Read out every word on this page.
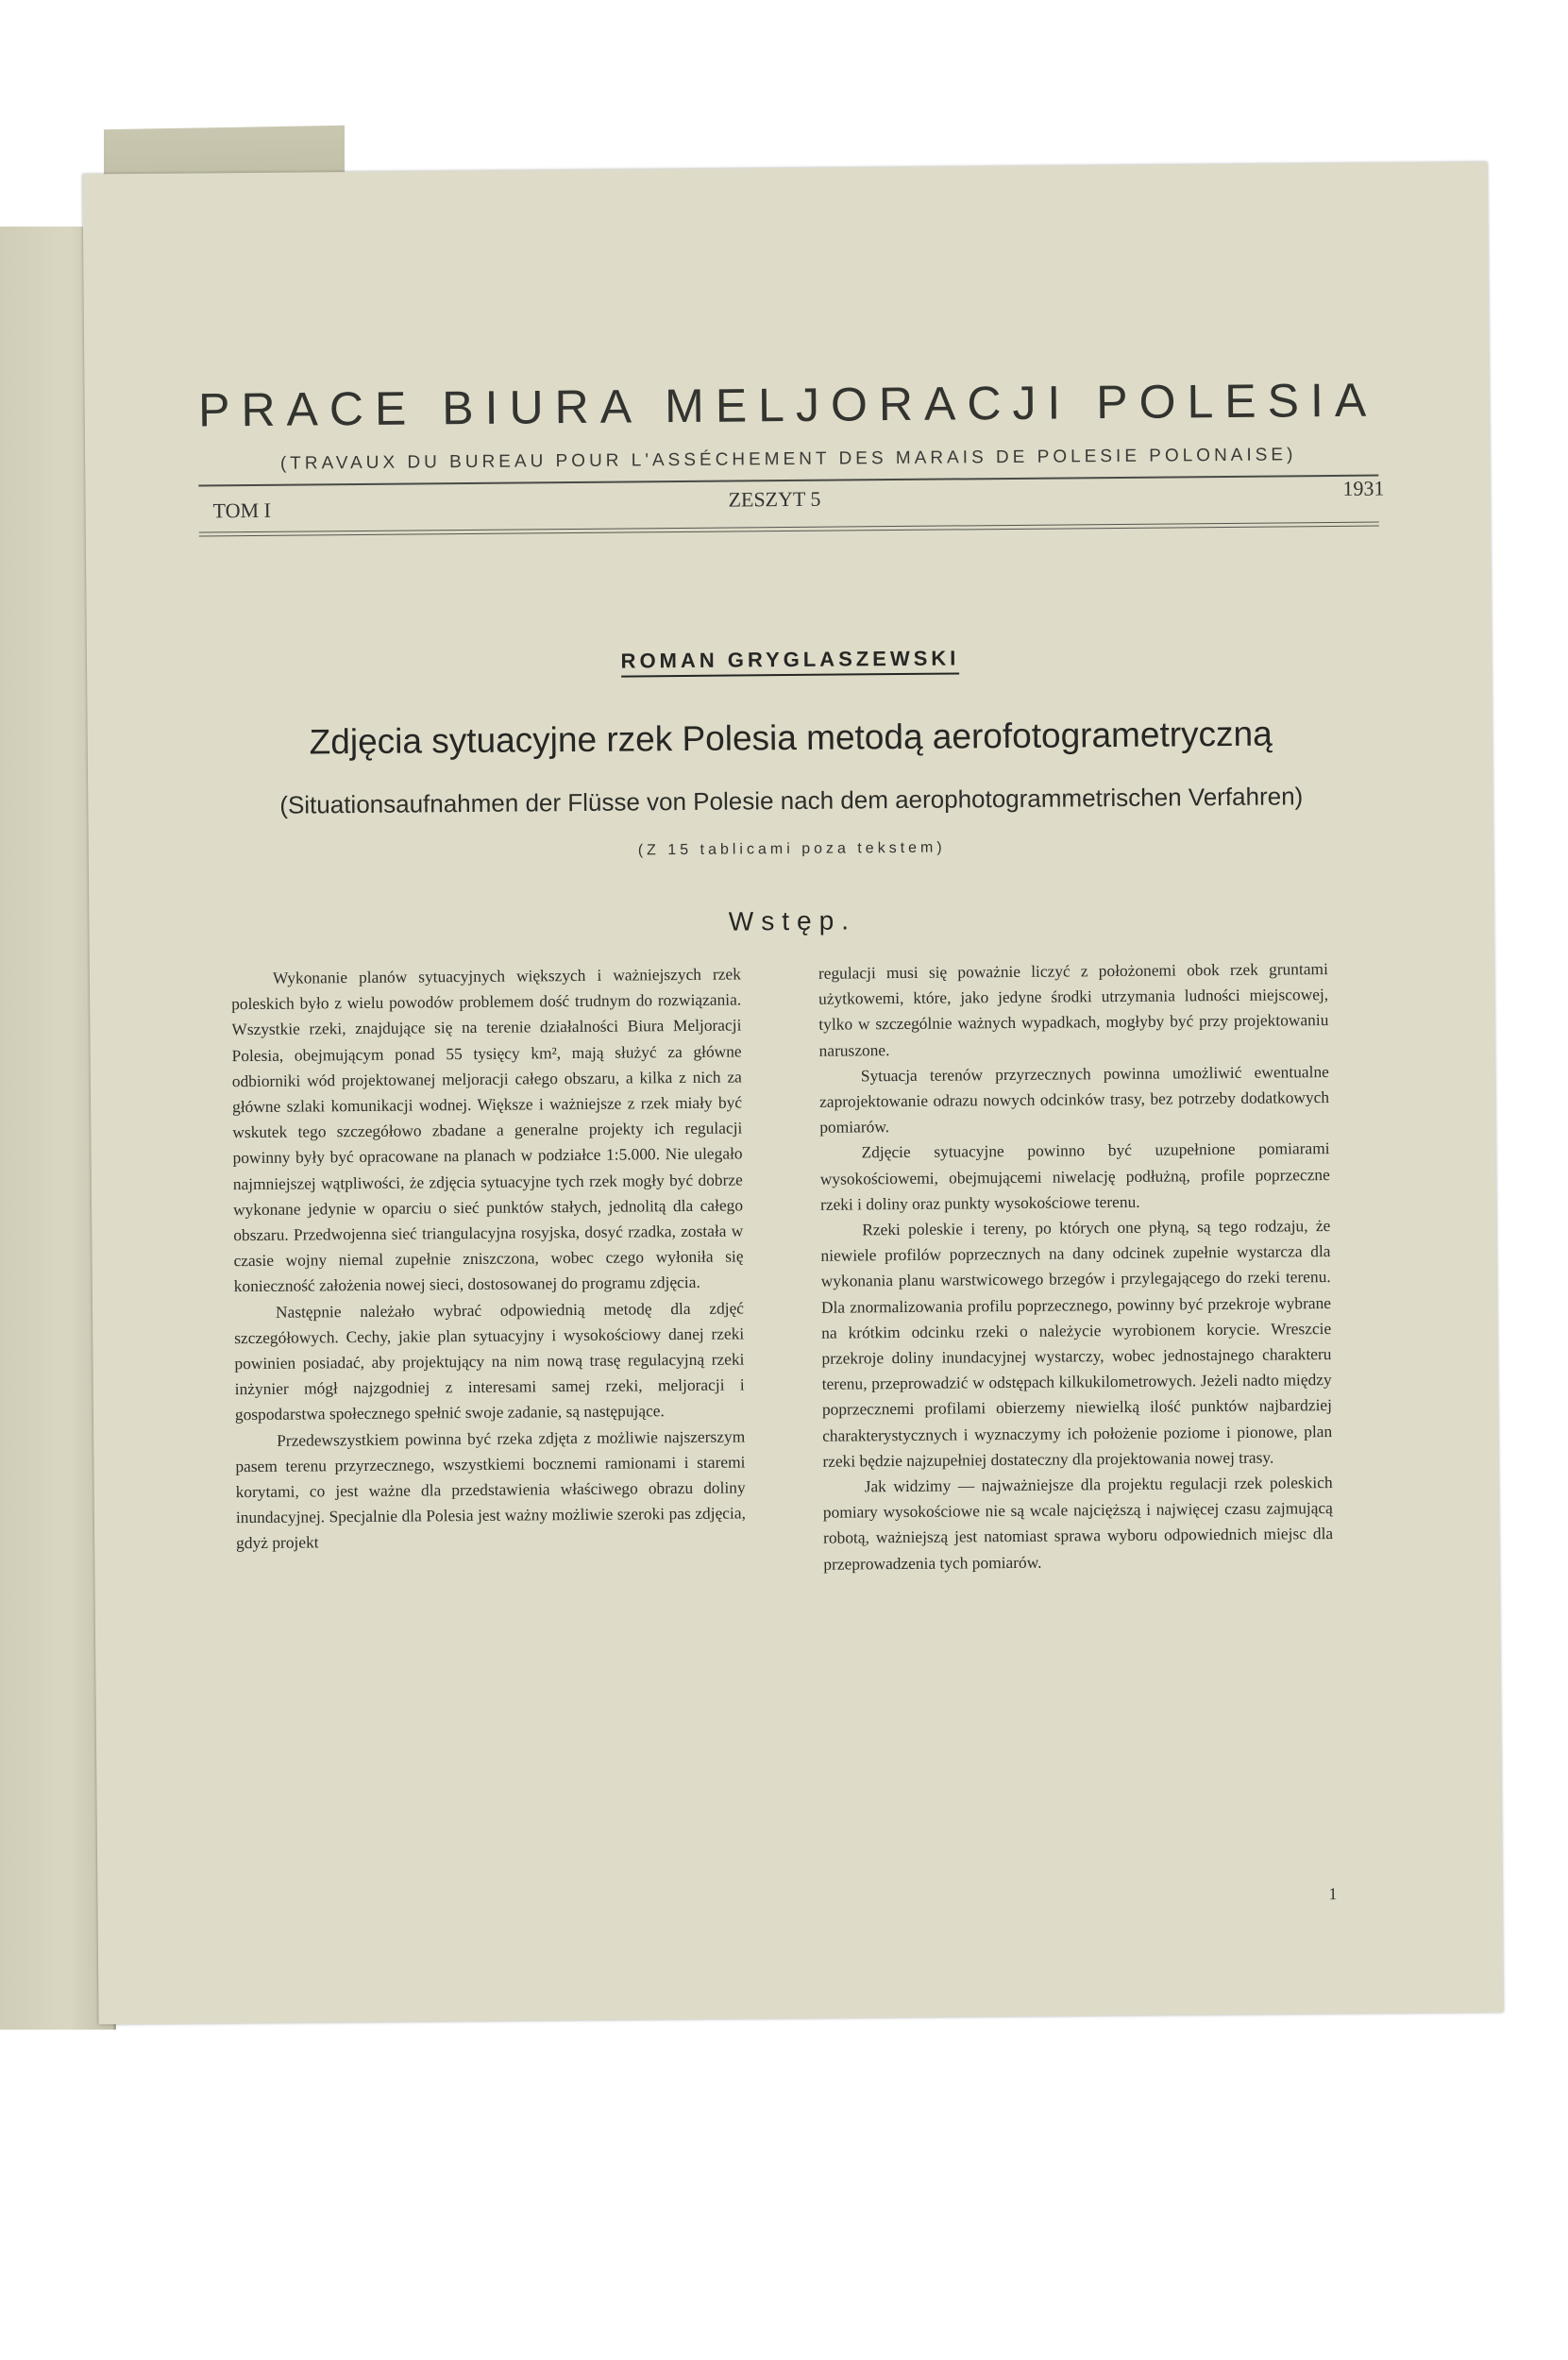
PRACE BIURA MELJORACJI POLESIA
(TRAVAUX DU BUREAU POUR L'ASSÉCHEMENT DES MARAIS DE POLESIE POLONAISE)
TOM I	ZESZYT 5	1931
ROMAN GRYGLASZEWSKI
Zdjęcia sytuacyjne rzek Polesia metodą aerofotogrametryczną
(Situationsaufnahmen der Flüsse von Polesie nach dem aerophotogrammetrischen Verfahren)
(Z 15 tablicami poza tekstem)
Wstęp.

Wykonanie planów sytuacyjnych większych i ważniejszych rzek poleskich było z wielu powodów problemem dość trudnym do rozwiązania. Wszystkie rzeki, znajdujące się na terenie działalności Biura Meljoracji Polesia, obejmującym ponad 55 tysięcy km², mają służyć za główne odbiorniki wód projektowanej meljoracji całego obszaru, a kilka z nich za główne szlaki komunikacji wodnej. Większe i ważniejsze z rzek miały być wskutek tego szczegółowo zbadane a generalne projekty ich regulacji powinny były być opracowane na planach w podziałce 1:5.000. Nie ulegało najmniejszej wątpliwości, że zdjęcia sytuacyjne tych rzek mogły być dobrze wykonane jedynie w oparciu o sieć punktów stałych, jednolitą dla całego obszaru. Przedwojenna sieć triangulacyjna rosyjska, dosyć rzadka, została w czasie wojny niemal zupełnie zniszczona, wobec czego wyłoniła się konieczność założenia nowej sieci, dostosowanej do programu zdjęcia.

Następnie należało wybrać odpowiednią metodę dla zdjęć szczegółowych. Cechy, jakie plan sytuacyjny i wysokościowy danej rzeki powinien posiadać, aby projektujący na nim nową trasę regulacyjną rzeki inżynier mógł najzgodniej z interesami samej rzeki, meljoracji i gospodarstwa społecznego spełnić swoje zadanie, są następujące.

Przedewszystkiem powinna być rzeka zdjęta z możliwie najszerszym pasem terenu przyrzecznego, wszystkiemi bocznemi ramionami i staremi korytami, co jest ważne dla przedstawienia właściwego obrazu doliny inundacyjnej. Specjalnie dla Polesia jest ważny możliwie szeroki pas zdjęcia, gdyż projekt

regulacji musi się poważnie liczyć z położonemi obok rzek gruntami użytkowemi, które, jako jedyne środki utrzymania ludności miejscowej, tylko w szczególnie ważnych wypadkach, mogłyby być przy projektowaniu naruszone.

Sytuacja terenów przyrzecznych powinna umożliwić ewentualne zaprojektowanie odrazu nowych odcinków trasy, bez potrzeby dodatkowych pomiarów.

Zdjęcie sytuacyjne powinno być uzupełnione pomiarami wysokościowemi, obejmującemi niwelację podłużną, profile poprzeczne rzeki i doliny oraz punkty wysokościowe terenu.

Rzeki poleskie i tereny, po których one płyną, są tego rodzaju, że niewiele profilów poprzecznych na dany odcinek zupełnie wystarcza dla wykonania planu warstwicowego brzegów i przylegającego do rzeki terenu. Dla znormalizowania profilu poprzecznego, powinny być przekroje wybrane na krótkim odcinku rzeki o należycie wyrobionem korycie. Wreszcie przekroje doliny inundacyjnej wystarczy, wobec jednostajnego charakteru terenu, przeprowadzić w odstępach kilkukilometrowych. Jeżeli nadto między poprzecznemi profilami obierzemy niewielką ilość punktów najbardziej charakterystycznych i wyznaczymy ich położenie poziome i pionowe, plan rzeki będzie najzupełniej dostateczny dla projektowania nowej trasy.

Jak widzimy — najważniejsze dla projektu regulacji rzek poleskich pomiary wysokościowe nie są wcale najcięższą i najwięcej czasu zajmującą robotą, ważniejszą jest natomiast sprawa wyboru odpowiednich miejsc dla przeprowadzenia tych pomiarów.

1
